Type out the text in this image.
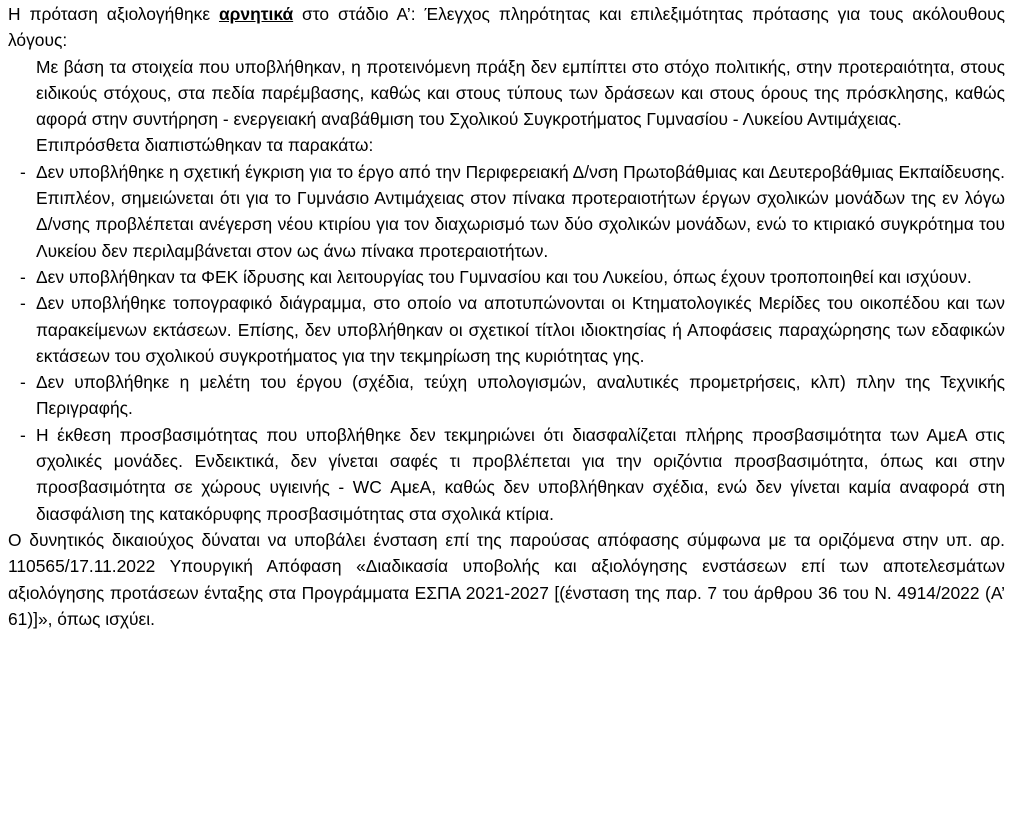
Η πρόταση αξιολογήθηκε αρνητικά στο στάδιο Α’: Έλεγχος πληρότητας και επιλεξιμότητας πρότασης για τους ακόλουθους λόγους:

Με βάση τα στοιχεία που υποβλήθηκαν, η προτεινόμενη πράξη δεν εμπίπτει στο στόχο πολιτικής, στην προτεραιότητα, στους ειδικούς στόχους, στα πεδία παρέμβασης, καθώς και στους τύπους των δράσεων και στους όρους της πρόσκλησης, καθώς αφορά στην συντήρηση - ενεργειακή αναβάθμιση του Σχολικού Συγκροτήματος Γυμνασίου - Λυκείου Αντιμάχειας.

Επιπρόσθετα διαπιστώθηκαν τα παρακάτω:

- Δεν υποβλήθηκε η σχετική έγκριση για το έργο από την Περιφερειακή Δ/νση Πρωτοβάθμιας και Δευτεροβάθμιας Εκπαίδευσης. Επιπλέον, σημειώνεται ότι για το Γυμνάσιο Αντιμάχειας στον πίνακα προτεραιοτήτων έργων σχολικών μονάδων της εν λόγω Δ/νσης προβλέπεται ανέγερση νέου κτιρίου για τον διαχωρισμό των δύο σχολικών μονάδων, ενώ το κτιριακό συγκρότημα του Λυκείου δεν περιλαμβάνεται στον ως άνω πίνακα προτεραιοτήτων.
- Δεν υποβλήθηκαν τα ΦΕΚ ίδρυσης και λειτουργίας του Γυμνασίου και του Λυκείου, όπως έχουν τροποποιηθεί και ισχύουν.
- Δεν υποβλήθηκε τοπογραφικό διάγραμμα, στο οποίο να αποτυπώνονται οι Κτηματολογικές Μερίδες του οικοπέδου και των παρακείμενων εκτάσεων. Επίσης, δεν υποβλήθηκαν οι σχετικοί τίτλοι ιδιοκτησίας ή Αποφάσεις παραχώρησης των εδαφικών εκτάσεων του σχολικού συγκροτήματος για την τεκμηρίωση της κυριότητας γης.
- Δεν υποβλήθηκε η μελέτη του έργου (σχέδια, τεύχη υπολογισμών, αναλυτικές προμετρήσεις, κλπ) πλην της Τεχνικής Περιγραφής.
- Η έκθεση προσβασιμότητας που υποβλήθηκε δεν τεκμηριώνει ότι διασφαλίζεται πλήρης προσβασιμότητα των ΑμεΑ στις σχολικές μονάδες. Ενδεικτικά, δεν γίνεται σαφές τι προβλέπεται για την οριζόντια προσβασιμότητα, όπως και στην προσβασιμότητα σε χώρους υγιεινής - WC ΑμεΑ, καθώς δεν υποβλήθηκαν σχέδια, ενώ δεν γίνεται καμία αναφορά στη διασφάλιση της κατακόρυφης προσβασιμότητας στα σχολικά κτίρια.

Ο δυνητικός δικαιούχος δύναται να υποβάλει ένσταση επί της παρούσας απόφασης σύμφωνα με τα οριζόμενα στην υπ. αρ. 110565/17.11.2022 Υπουργική Απόφαση «Διαδικασία υποβολής και αξιολόγησης ενστάσεων επί των αποτελεσμάτων αξιολόγησης προτάσεων ένταξης στα Προγράμματα ΕΣΠΑ 2021-2027 [(ένσταση της παρ. 7 του άρθρου 36 του Ν. 4914/2022 (Α’ 61)]», όπως ισχύει.
